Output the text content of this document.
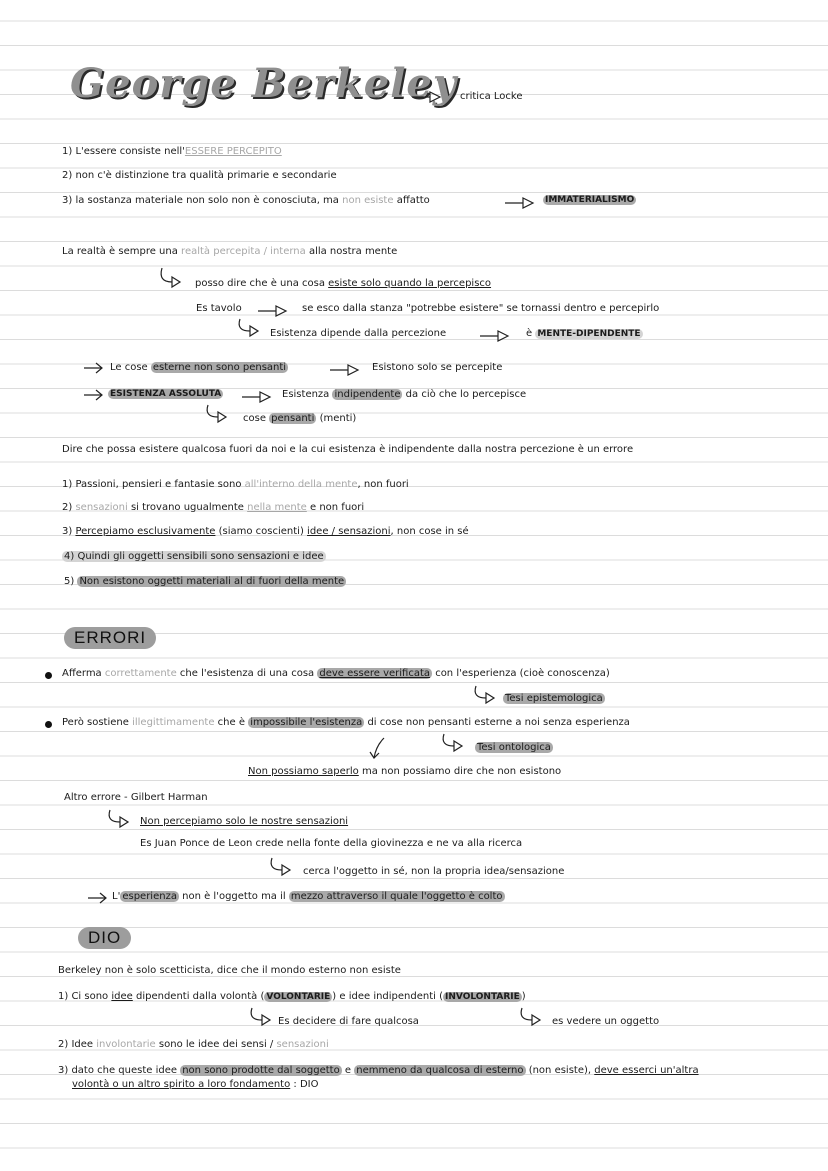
George Berkeley critica Locke
1) L'essere consiste nell'ESSERE PERCEPITO
2) non c'è distinzione tra qualità primarie e secondarie
3) la sostanza materiale non solo non è conosciuta, ma non esiste affatto	IMMATERIALISMO
La realtà è sempre una realtà percepita / interna alla nostra mente
posso dire che è una cosa esiste solo quando la percepisco
Es tavolo	se esco dalla stanza "potrebbe esistere" se tornassi dentro e percepirlo
Esistenza dipende dalla percezione	è MENTE-DIPENDENTE
Le cose esterne non sono pensanti	Esistono solo se percepite
ESISTENZA ASSOLUTA	Esistenza indipendente da ciò che lo percepisce
cose pensanti (menti)
Dire che possa esistere qualcosa fuori da noi e la cui esistenza è indipendente dalla nostra percezione è un errore
1) Passioni, pensieri e fantasie sono all'interno della mente, non fuori
2) sensazioni si trovano ugualmente nella mente e non fuori
3) Percepiamo esclusivamente (siamo coscienti) idee / sensazioni, non cose in sé
4) Quindi gli oggetti sensibili sono sensazioni e idee
5) Non esistono oggetti materiali al di fuori della mente
ERRORI
Afferma correttamente che l'esistenza di una cosa deve essere verificata con l'esperienza (cioè conoscenza)
Tesi epistemologica
Però sostiene illegittimamente che è impossibile l'esistenza di cose non pensanti esterne a noi senza esperienza
Tesi ontologica
Non possiamo saperlo ma non possiamo dire che non esistono
Altro errore - Gilbert Harman
Non percepiamo solo le nostre sensazioni
Es Juan Ponce de Leon crede nella fonte della giovinezza e ne va alla ricerca
cerca l'oggetto in sé, non la propria idea/sensazione
L' esperienza non è l'oggetto ma il mezzo attraverso il quale l'oggetto è colto
DIO
Berkeley non è solo scetticista, dice che il mondo esterno non esiste
1) Ci sono idee dipendenti dalla volontà ( VOLONTARIE ) e idee indipendenti ( INVOLONTARIE )
Es decidere di fare qualcosa	es vedere un oggetto
2) Idee involontarie sono le idee dei sensi / sensazioni
3) dato che queste idee non sono prodotte dal soggetto e nemmeno da qualcosa di esterno (non esiste), deve esserci un'altra
volontà o un altro spirito a loro fondamento : DIO
